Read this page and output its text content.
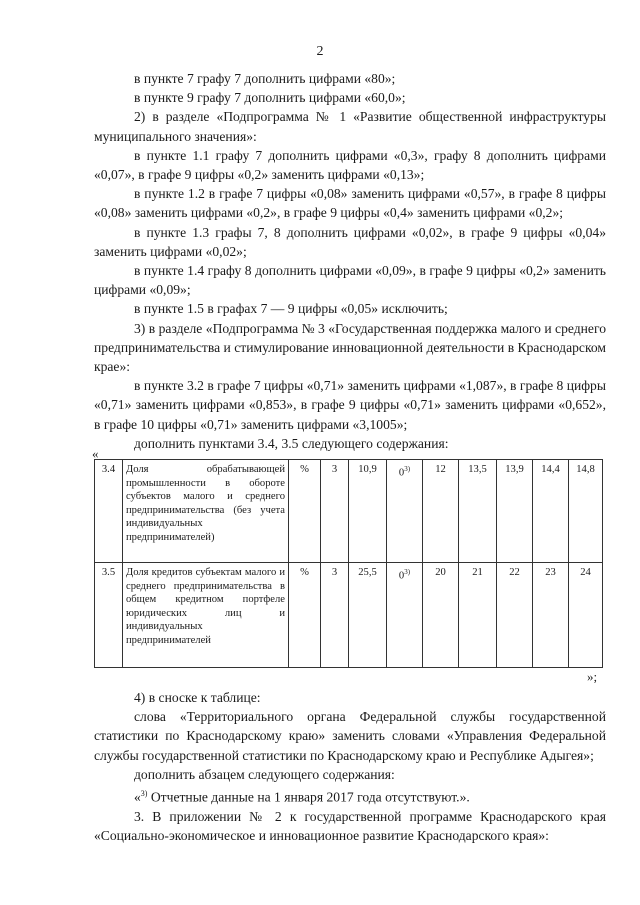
2

в пункте 7 графу 7 дополнить цифрами «80»;

в пункте 9 графу 7 дополнить цифрами «60,0»;

2) в разделе «Подпрограмма № 1 «Развитие общественной инфраструктуры муниципального значения»:

в пункте 1.1 графу 7 дополнить цифрами «0,3», графу 8 дополнить цифрами «0,07», в графе 9 цифры «0,2» заменить цифрами «0,13»;

в пункте 1.2 в графе 7 цифры «0,08» заменить цифрами «0,57», в графе 8 цифры «0,08» заменить цифрами «0,2», в графе 9 цифры «0,4» заменить цифрами «0,2»;

в пункте 1.3 графы 7, 8 дополнить цифрами «0,02», в графе 9 цифры «0,04» заменить цифрами «0,02»;

в пункте 1.4 графу 8 дополнить цифрами «0,09», в графе 9 цифры «0,2» заменить цифрами «0,09»;

в пункте 1.5 в графах 7 — 9 цифры «0,05» исключить;

3) в разделе «Подпрограмма № 3 «Государственная поддержка малого и среднего предпринимательства и стимулирование инновационной деятельности в Краснодарском крае»:

в пункте 3.2 в графе 7 цифры «0,71» заменить цифрами «1,087», в графе 8 цифры «0,71» заменить цифрами «0,853», в графе 9 цифры «0,71» заменить цифрами «0,652», в графе 10 цифры «0,71» заменить цифрами «3,1005»;

дополнить пунктами 3.4, 3.5 следующего содержания:

«
3.4	Доля обрабатывающей промышленности в обороте субъектов малого и среднего предпринимательства (без учета индивидуальных предпринимателей)	%	3	10,9	0$^{3)}$	12	13,5	13,9	14,4	14,8
3.5	Доля кредитов субъектам малого и среднего предпринимательства в общем кредитном портфеле юридических лиц и индивидуальных предпринимателей	%	3	25,5	0$^{3)}$	20	21	22	23	24
»;

4) в сноске к таблице:

слова «Территориального органа Федеральной службы государственной статистики по Краснодарскому краю» заменить словами «Управления Федеральной службы государственной статистики по Краснодарскому краю и Республике Адыгея»;

дополнить абзацем следующего содержания:

«$^{3)}$ Отчетные данные на 1 января 2017 года отсутствуют.».

3. В приложении № 2 к государственной программе Краснодарского края «Социально-экономическое и инновационное развитие Краснодарского края»:
